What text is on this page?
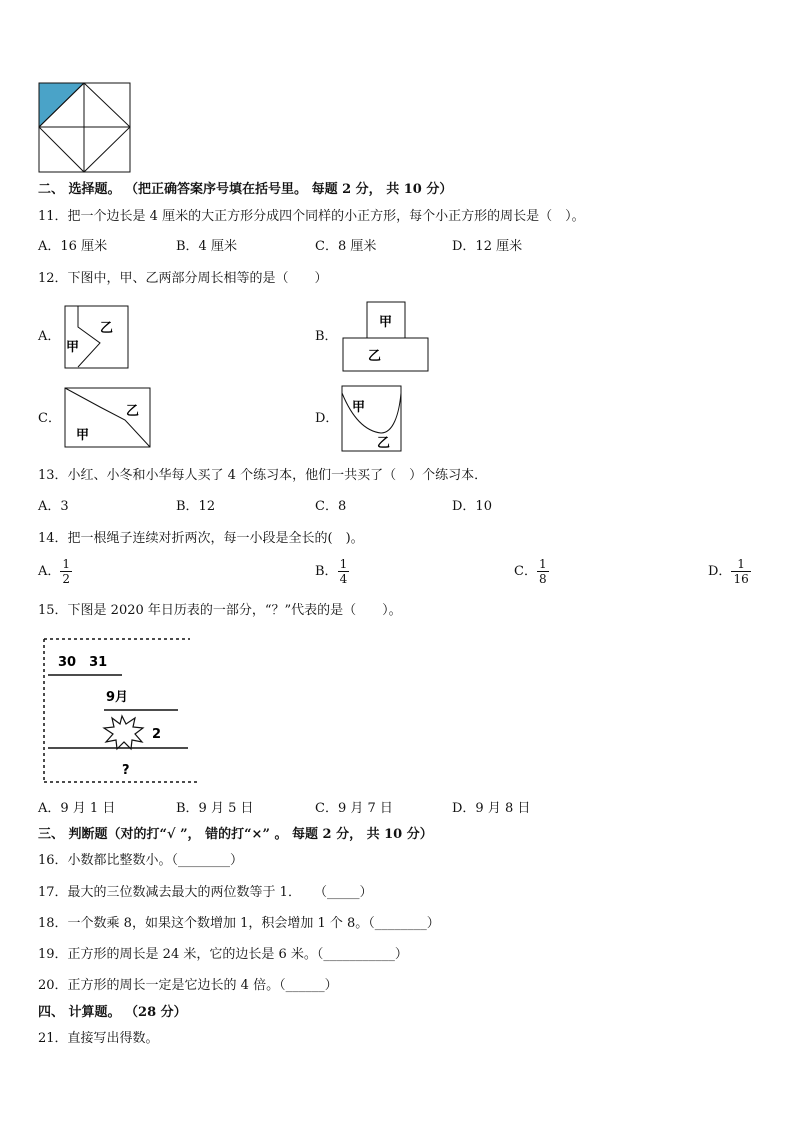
二、 选择题。 （把正确答案序号填在括号里。 每题 2 分， 共 10 分）
11．把一个边长是 4 厘米的大正方形分成四个同样的小正方形，每个小正方形的周长是（　）。
A．16 厘米	B．4 厘米	C．8 厘米	D．12 厘米
12．下图中，甲、乙两部分周长相等的是（　　）
A．
乙
甲
B．
甲
乙
C．	乙
甲
D．
甲
乙
13．小红、小冬和小华每人买了 4 个练习本，他们一共买了（　）个练习本．
A．3	B．12	C．8	D．10
14．把一根绳子连续对折两次，每一小段是全长的(　)。
A． $\frac{1}{2}$	B． $\frac{1}{4}$	C． $\frac{1}{8}$	D． $\frac{1}{16}$
15．下图是 2020 年日历表的一部分，“？”代表的是（　　）。
30　31
9月
2
?
A．9 月 1 日	B．9 月 5 日	C．9 月 7 日	D．9 月 8 日
三、 判断题（对的打“√ ”， 错的打“×” 。 每题 2 分， 共 10 分）
16．小数都比整数小。（________）
17．最大的三位数减去最大的两位数等于 1．　　（_____）
18．一个数乘 8，如果这个数增加 1，积会增加 1 个 8。（________）
19．正方形的周长是 24 米，它的边长是 6 米。（___________）
20．正方形的周长一定是它边长的 4 倍。（______）
四、 计算题。 （28 分）
21．直接写出得数。
